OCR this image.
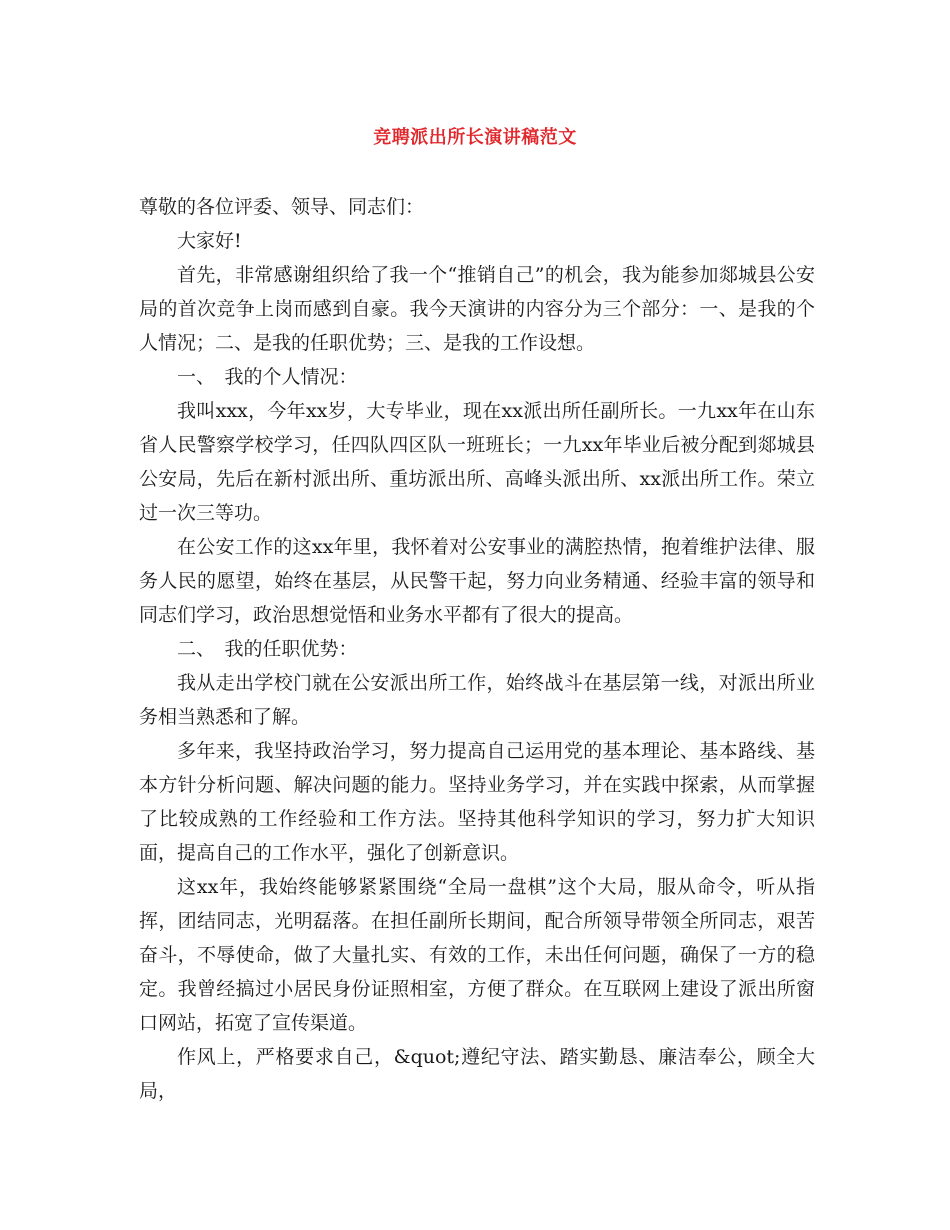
竞聘派出所长演讲稿范文

尊敬的各位评委、领导、同志们：

大家好!

首先，非常感谢组织给了我一个“推销自己”的机会，我为能参加郯城县公安局的首次竞争上岗而感到自豪。我今天演讲的内容分为三个部分：一、是我的个人情况；二、是我的任职优势；三、是我的工作设想。

一、　我的个人情况：

我叫xxx，今年xx岁，大专毕业，现在xx派出所任副所长。一九xx年在山东省人民警察学校学习，任四队四区队一班班长；一九xx年毕业后被分配到郯城县公安局，先后在新村派出所、重坊派出所、高峰头派出所、xx派出所工作。荣立过一次三等功。

在公安工作的这xx年里，我怀着对公安事业的满腔热情，抱着维护法律、服务人民的愿望，始终在基层，从民警干起，努力向业务精通、经验丰富的领导和同志们学习，政治思想觉悟和业务水平都有了很大的提高。

二、　我的任职优势：

我从走出学校门就在公安派出所工作，始终战斗在基层第一线，对派出所业务相当熟悉和了解。

多年来，我坚持政治学习，努力提高自己运用党的基本理论、基本路线、基本方针分析问题、解决问题的能力。坚持业务学习，并在实践中探索，从而掌握了比较成熟的工作经验和工作方法。坚持其他科学知识的学习，努力扩大知识面，提高自己的工作水平，强化了创新意识。

这xx年，我始终能够紧紧围绕“全局一盘棋”这个大局，服从命令，听从指挥，团结同志，光明磊落。在担任副所长期间，配合所领导带领全所同志，艰苦奋斗，不辱使命，做了大量扎实、有效的工作，未出任何问题，确保了一方的稳定。我曾经搞过小居民身份证照相室，方便了群众。在互联网上建设了派出所窗口网站，拓宽了宣传渠道。

作风上，严格要求自己，&quot;遵纪守法、踏实勤恳、廉洁奉公，顾全大局，
